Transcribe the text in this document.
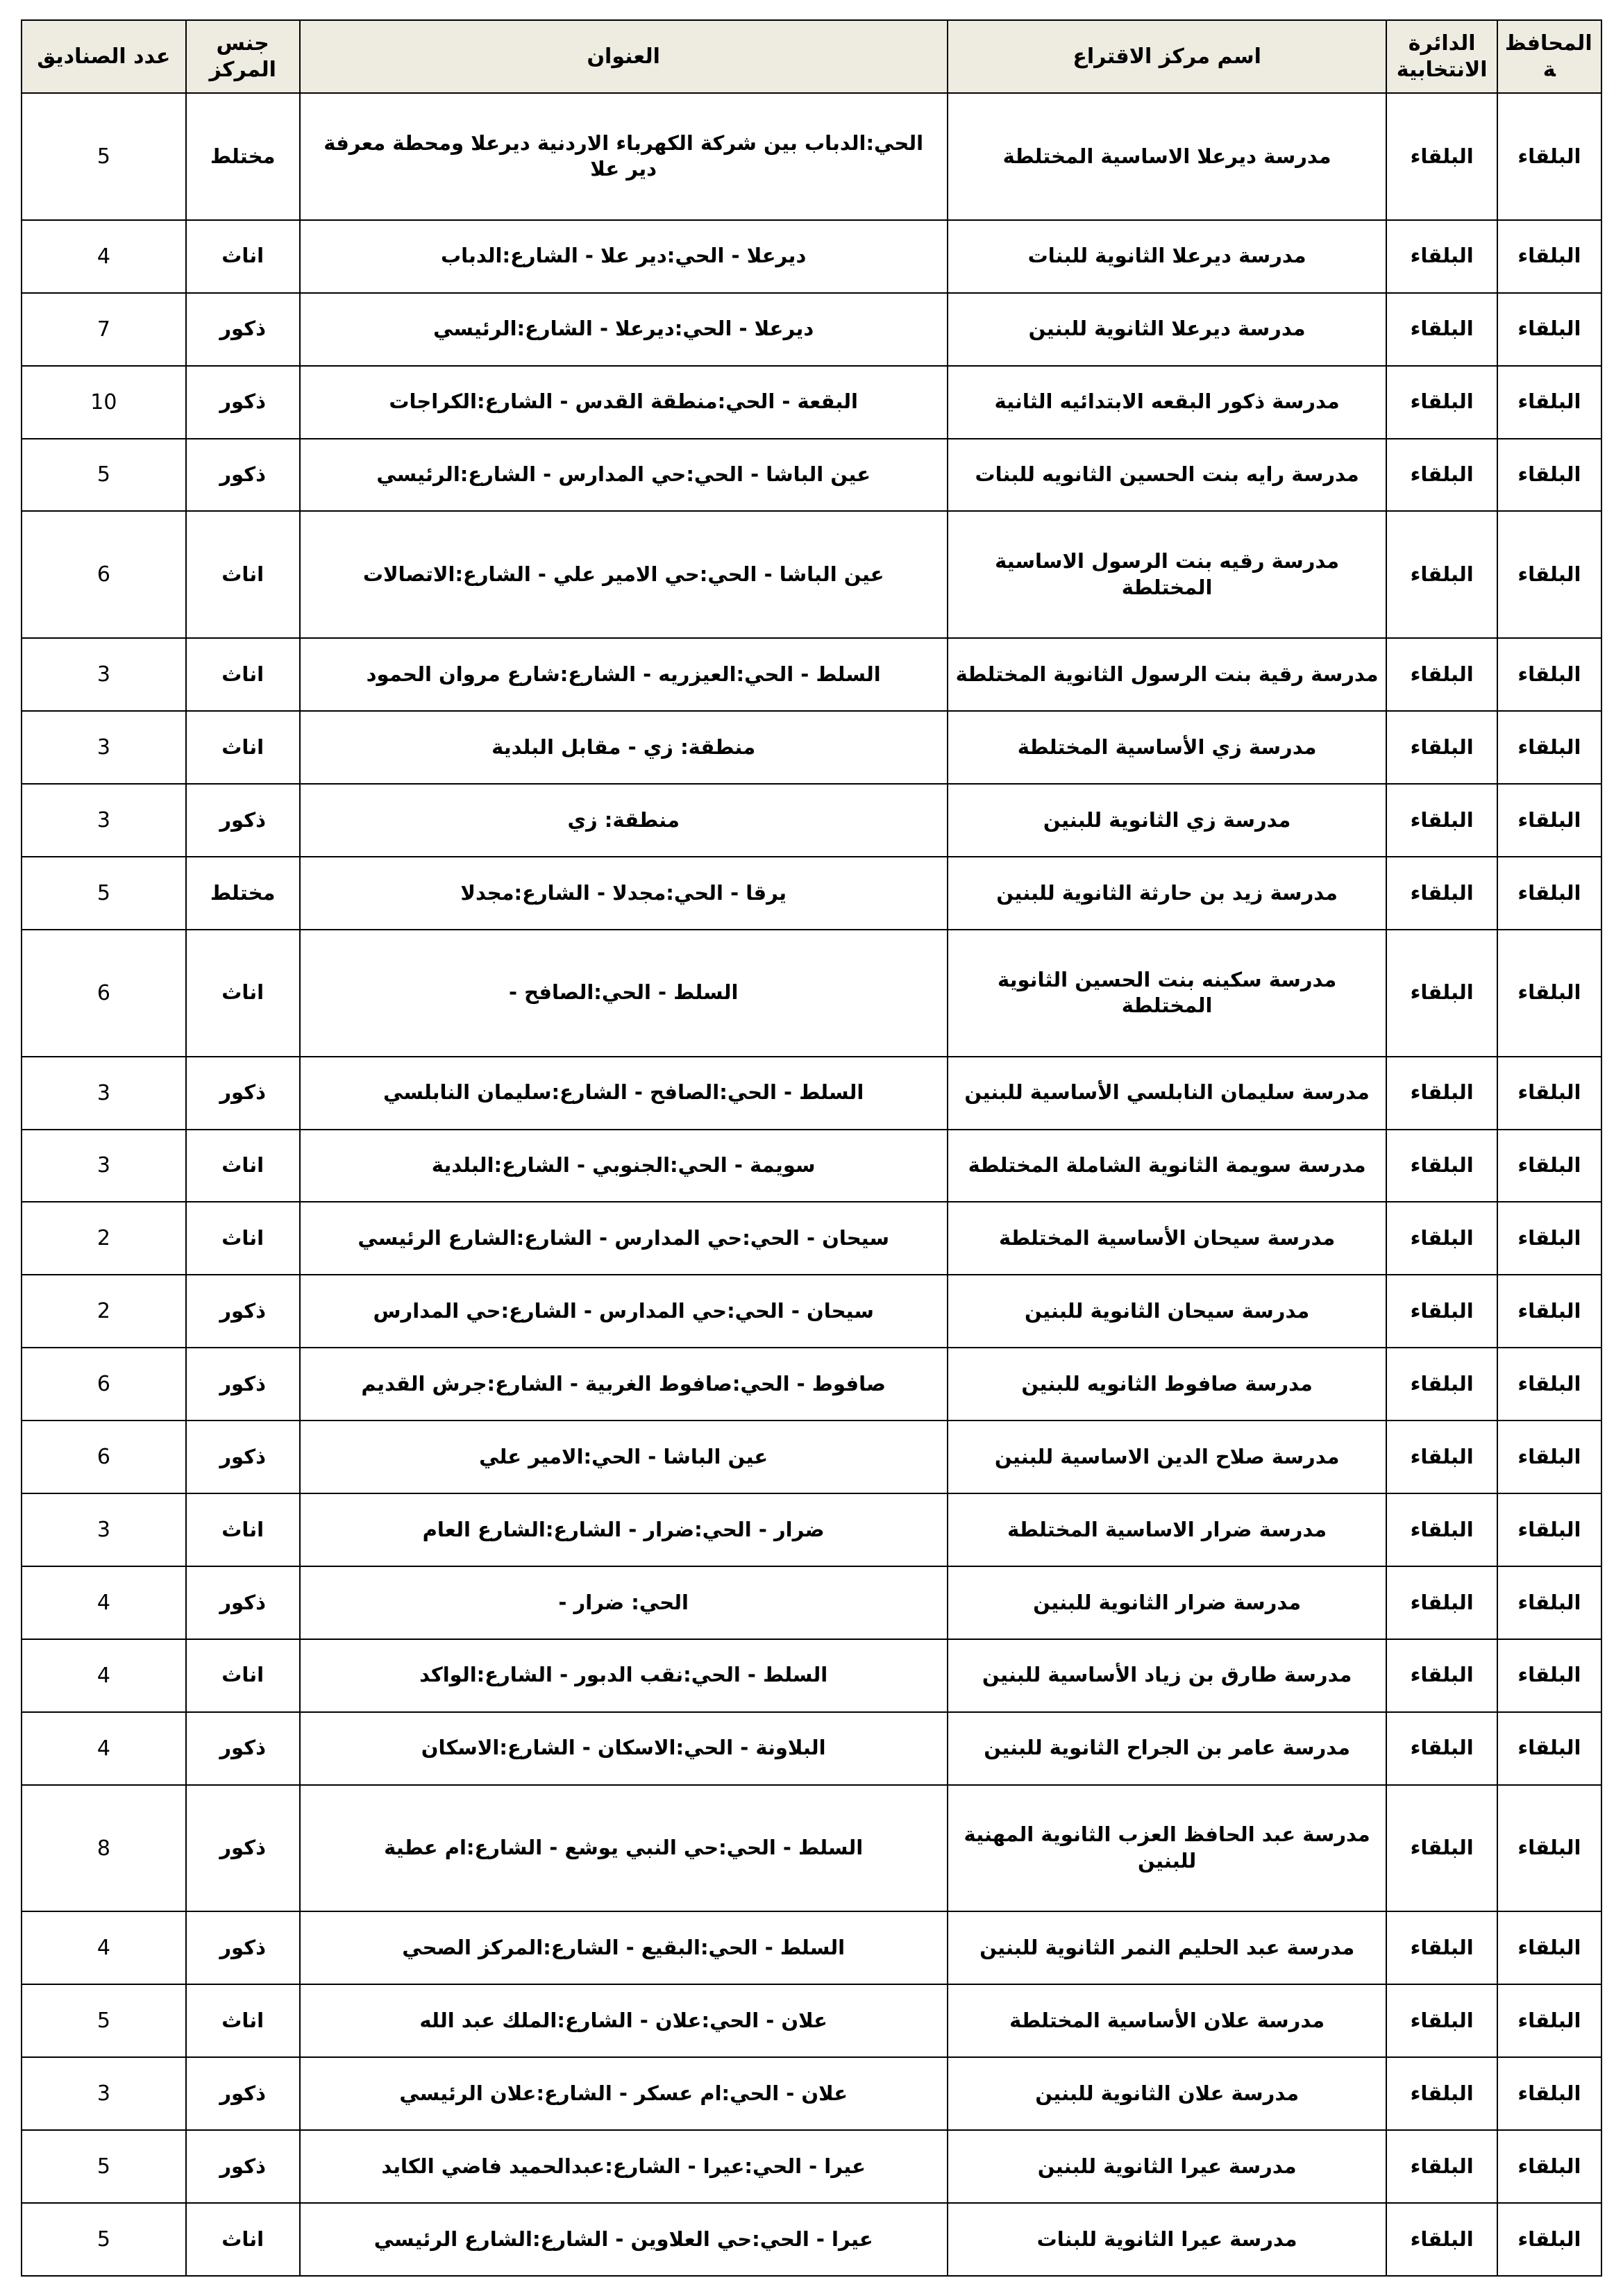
المحافظة	الدائرة الانتخابية	اسم مركز الاقتراع	العنوان	جنس المركز	عدد الصناديق
البلقاء	البلقاء	مدرسة ديرعلا الاساسية المختلطة	الحي:الدباب بين شركة الكهرباء الاردنية ديرعلا ومحطة معرفة دير علا	مختلط	5
البلقاء	البلقاء	مدرسة ديرعلا الثانوية للبنات	ديرعلا - الحي:دير علا - الشارع:الدباب	اناث	4
البلقاء	البلقاء	مدرسة ديرعلا الثانوية للبنين	ديرعلا - الحي:ديرعلا - الشارع:الرئيسي	ذكور	7
البلقاء	البلقاء	مدرسة ذكور البقعه الابتدائيه الثانية	البقعة - الحي:منطقة القدس - الشارع:الكراجات	ذكور	10
البلقاء	البلقاء	مدرسة رايه بنت الحسين الثانويه للبنات	عين الباشا - الحي:حي المدارس - الشارع:الرئيسي	ذكور	5
البلقاء	البلقاء	مدرسة رقيه بنت الرسول الاساسية المختلطة	عين الباشا - الحي:حي الامير علي - الشارع:الاتصالات	اناث	6
البلقاء	البلقاء	مدرسة رقية بنت الرسول الثانوية المختلطة	السلط - الحي:العيزريه - الشارع:شارع مروان الحمود	اناث	3
البلقاء	البلقاء	مدرسة زي الأساسية المختلطة	منطقة: زي - مقابل البلدية	اناث	3
البلقاء	البلقاء	مدرسة زي الثانوية للبنين	منطقة: زي	ذكور	3
البلقاء	البلقاء	مدرسة زيد بن حارثة الثانوية للبنين	يرقا - الحي:مجدلا - الشارع:مجدلا	مختلط	5
البلقاء	البلقاء	مدرسة سكينه بنت الحسين الثانوية المختلطة	السلط - الحي:الصافح -	اناث	6
البلقاء	البلقاء	مدرسة سليمان النابلسي الأساسية للبنين	السلط - الحي:الصافح - الشارع:سليمان النابلسي	ذكور	3
البلقاء	البلقاء	مدرسة سويمة الثانوية الشاملة المختلطة	سويمة - الحي:الجنوبي - الشارع:البلدية	اناث	3
البلقاء	البلقاء	مدرسة سيحان الأساسية المختلطة	سيحان - الحي:حي المدارس - الشارع:الشارع الرئيسي	اناث	2
البلقاء	البلقاء	مدرسة سيحان الثانوية للبنين	سيحان - الحي:حي المدارس - الشارع:حي المدارس	ذكور	2
البلقاء	البلقاء	مدرسة صافوط الثانويه للبنين	صافوط - الحي:صافوط الغربية - الشارع:جرش القديم	ذكور	6
البلقاء	البلقاء	مدرسة صلاح الدين الاساسية للبنين	عين الباشا - الحي:الامير علي	ذكور	6
البلقاء	البلقاء	مدرسة ضرار الاساسية المختلطة	ضرار - الحي:ضرار - الشارع:الشارع العام	اناث	3
البلقاء	البلقاء	مدرسة ضرار الثانوية للبنين	الحي: ضرار -	ذكور	4
البلقاء	البلقاء	مدرسة طارق بن زياد الأساسية للبنين	السلط - الحي:نقب الدبور - الشارع:الواكد	اناث	4
البلقاء	البلقاء	مدرسة عامر بن الجراح الثانوية للبنين	البلاونة - الحي:الاسكان - الشارع:الاسكان	ذكور	4
البلقاء	البلقاء	مدرسة عبد الحافظ العزب الثانوية المهنية للبنين	السلط - الحي:حي النبي يوشع - الشارع:ام عطية	ذكور	8
البلقاء	البلقاء	مدرسة عبد الحليم النمر الثانوية للبنين	السلط - الحي:البقيع - الشارع:المركز الصحي	ذكور	4
البلقاء	البلقاء	مدرسة علان الأساسية المختلطة	علان - الحي:علان - الشارع:الملك عبد الله	اناث	5
البلقاء	البلقاء	مدرسة علان الثانوية للبنين	علان - الحي:ام عسكر - الشارع:علان الرئيسي	ذكور	3
البلقاء	البلقاء	مدرسة عيرا الثانوية للبنين	عيرا - الحي:عيرا - الشارع:عبدالحميد فاضي الكايد	ذكور	5
البلقاء	البلقاء	مدرسة عيرا الثانوية للبنات	عيرا - الحي:حي العلاوين - الشارع:الشارع الرئيسي	اناث	5
